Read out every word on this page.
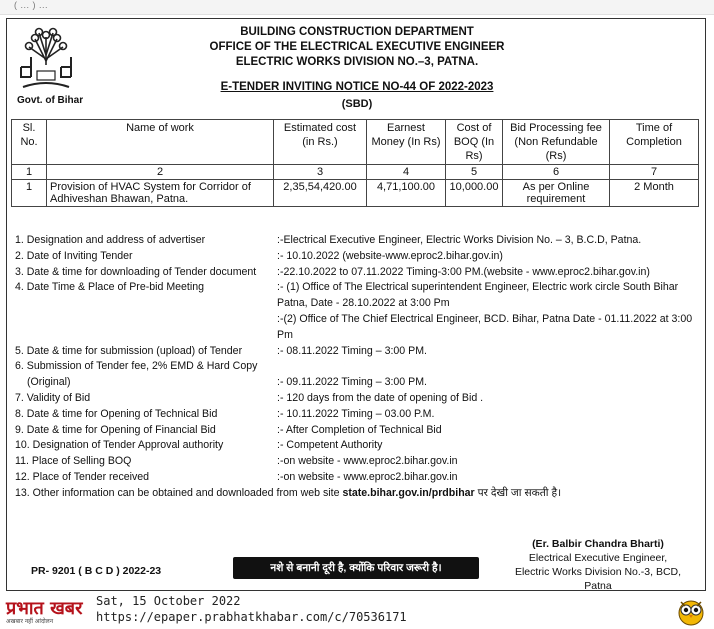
( ... ) ...
Govt. of Bihar
BUILDING CONSTRUCTION DEPARTMENT
OFFICE OF THE ELECTRICAL EXECUTIVE ENGINEER
ELECTRIC WORKS DIVISION NO.–3, PATNA.
E-TENDER INVITING NOTICE NO-44 OF 2022-2023
(SBD)
Sl. No.	Name of work	Estimated cost (in Rs.)	Earnest Money (In Rs)	Cost of BOQ (In Rs)	Bid Processing fee (Non Refundable (Rs)	Time of Completion
1	2	3	4	5	6	7
1	Provision of HVAC System for Corridor of Adhiveshan Bhawan, Patna.	2,35,54,420.00	4,71,100.00	10,000.00	As per Online requirement	2 Month
1. Designation and address of advertiser	:-Electrical Executive Engineer, Electric Works Division No. – 3, B.C.D, Patna.
2. Date of Inviting Tender	:- 10.10.2022 (website-www.eproc2.bihar.gov.in)
3. Date & time for downloading of Tender document	:-22.10.2022 to 07.11.2022 Timing-3:00 PM.(website - www.eproc2.bihar.gov.in)
4. Date Time & Place of Pre-bid Meeting	:- (1) Office of The Electrical superintendent Engineer, Electric work circle South Bihar Patna, Date - 28.10.2022 at 3:00 Pm
:-(2) Office of The Chief Electrical Engineer, BCD. Bihar, Patna Date - 01.11.2022 at 3:00 Pm
5. Date & time for submission (upload) of Tender	:- 08.11.2022 Timing – 3:00 PM.
6. Submission of Tender fee, 2% EMD & Hard Copy
(Original)	:- 09.11.2022 Timing – 3:00 PM.
7. Validity of Bid	:- 120 days from the date of opening of Bid .
8. Date & time for Opening of Technical Bid	:- 10.11.2022 Timing – 03.00 P.M.
9. Date & time for Opening of Financial Bid	:- After Completion of Technical Bid
10. Designation of Tender Approval authority	:- Competent Authority
11. Place of Selling BOQ	:-on website - www.eproc2.bihar.gov.in
12. Place of Tender received	:-on website - www.eproc2.bihar.gov.in
13. Other information can be obtained and downloaded from web site state.bihar.gov.in/prdbihar पर देखी जा सकती है।
PR- 9201 ( B C D ) 2022-23	नशे से बनानी दूरी है, क्योंकि परिवार जरूरी है।
(Er. Balbir Chandra Bharti)
Electrical Executive Engineer,
Electric Works Division No.-3, BCD, Patna
प्रभात खबर
अखबार नहीं आंदोलन
Sat, 15 October 2022
https://epaper.prabhatkhabar.com/c/70536171
